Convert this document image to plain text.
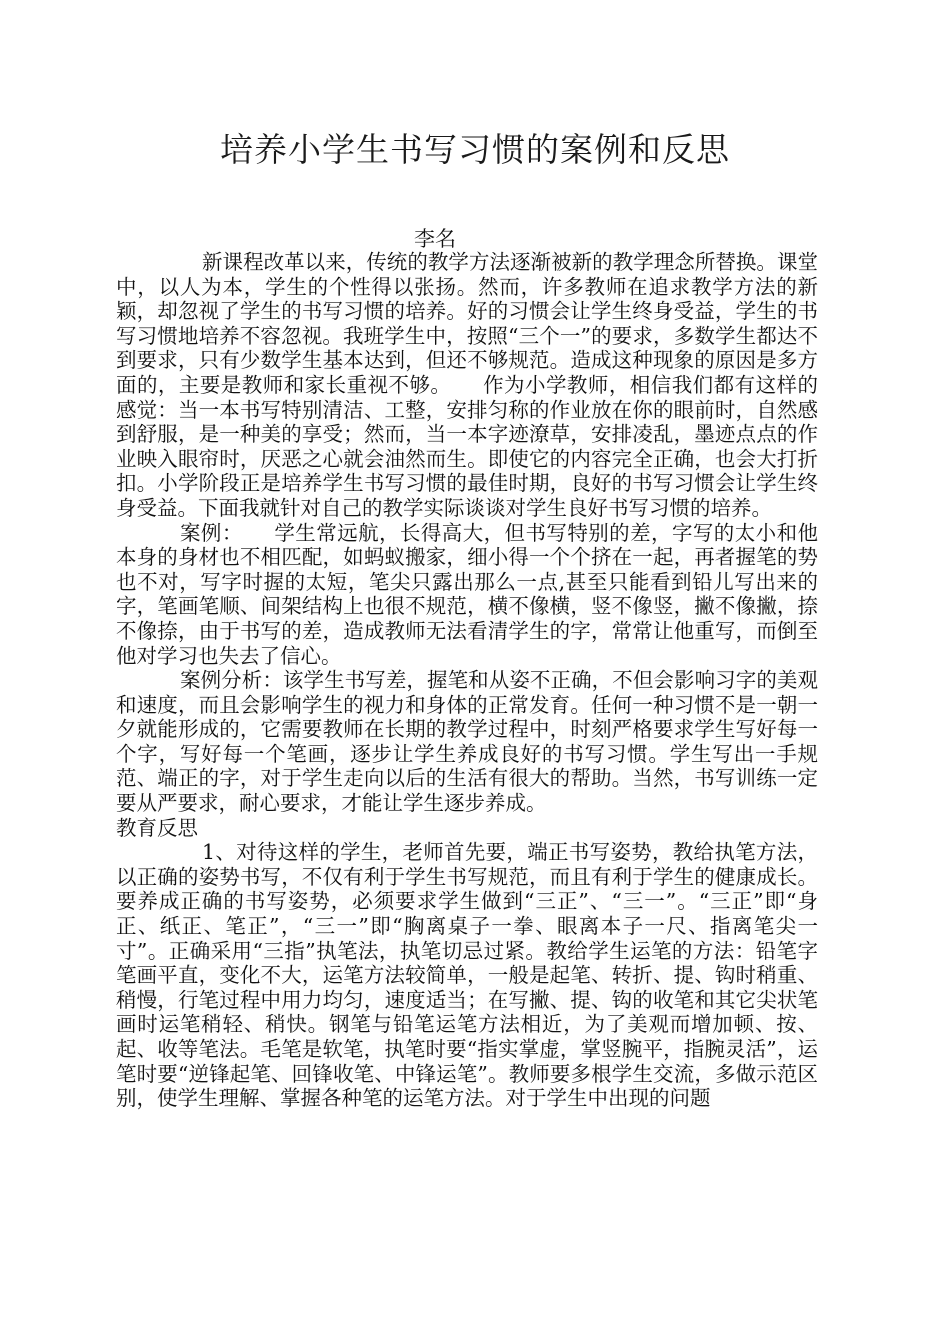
培养小学生书写习惯的案例和反思
李名

新课程改革以来，传统的教学方法逐渐被新的教学理念所替换。课堂中，以人为本，学生的个性得以张扬。然而，许多教师在追求教学方法的新颖，却忽视了学生的书写习惯的培养。好的习惯会让学生终身受益，学生的书写习惯地培养不容忽视。我班学生中，按照“三个一”的要求，多数学生都达不到要求，只有少数学生基本达到，但还不够规范。造成这种现象的原因是多方面的，主要是教师和家长重视不够。　　作为小学教师，相信我们都有这样的感觉：当一本书写特别清洁、工整，安排匀称的作业放在你的眼前时，自然感到舒服，是一种美的享受；然而，当一本字迹潦草，安排凌乱，墨迹点点的作业映入眼帘时，厌恶之心就会油然而生。即使它的内容完全正确，也会大打折扣。小学阶段正是培养学生书写习惯的最佳时期，良好的书写习惯会让学生终身受益。下面我就针对自己的教学实际谈谈对学生良好书写习惯的培养。

案例：　　学生常远航，长得高大，但书写特别的差，字写的太小和他本身的身材也不相匹配，如蚂蚁搬家，细小得一个个挤在一起，再者握笔的势也不对，写字时握的太短，笔尖只露出那么一点,甚至只能看到铅儿写出来的字，笔画笔顺、间架结构上也很不规范，横不像横，竖不像竖，撇不像撇，捺不像捺，由于书写的差，造成教师无法看清学生的字，常常让他重写，而倒至他对学习也失去了信心。

案例分析：该学生书写差，握笔和从姿不正确，不但会影响习字的美观和速度，而且会影响学生的视力和身体的正常发育。任何一种习惯不是一朝一夕就能形成的，它需要教师在长期的教学过程中，时刻严格要求学生写好每一个字，写好每一个笔画，逐步让学生养成良好的书写习惯。学生写出一手规范、端正的字，对于学生走向以后的生活有很大的帮助。当然，书写训练一定要从严要求，耐心要求，才能让学生逐步养成。

教育反思

1、对待这样的学生，老师首先要，端正书写姿势，教给执笔方法，以正确的姿势书写，不仅有利于学生书写规范，而且有利于学生的健康成长。要养成正确的书写姿势，必须要求学生做到“三正”、“三一”。“三正”即“身正、纸正、笔正”，“三一”即“胸离桌子一拳、眼离本子一尺、指离笔尖一寸”。正确采用“三指”执笔法，执笔切忌过紧。教给学生运笔的方法：铅笔字笔画平直，变化不大，运笔方法较简单，一般是起笔、转折、提、钩时稍重、稍慢，行笔过程中用力均匀，速度适当；在写撇、提、钩的收笔和其它尖状笔画时运笔稍轻、稍快。钢笔与铅笔运笔方法相近，为了美观而增加顿、按、起、收等笔法。毛笔是软笔，执笔时要“指实掌虚，掌竖腕平，指腕灵活”，运笔时要“逆锋起笔、回锋收笔、中锋运笔”。教师要多根学生交流，多做示范区别，使学生理解、掌握各种笔的运笔方法。对于学生中出现的问题
